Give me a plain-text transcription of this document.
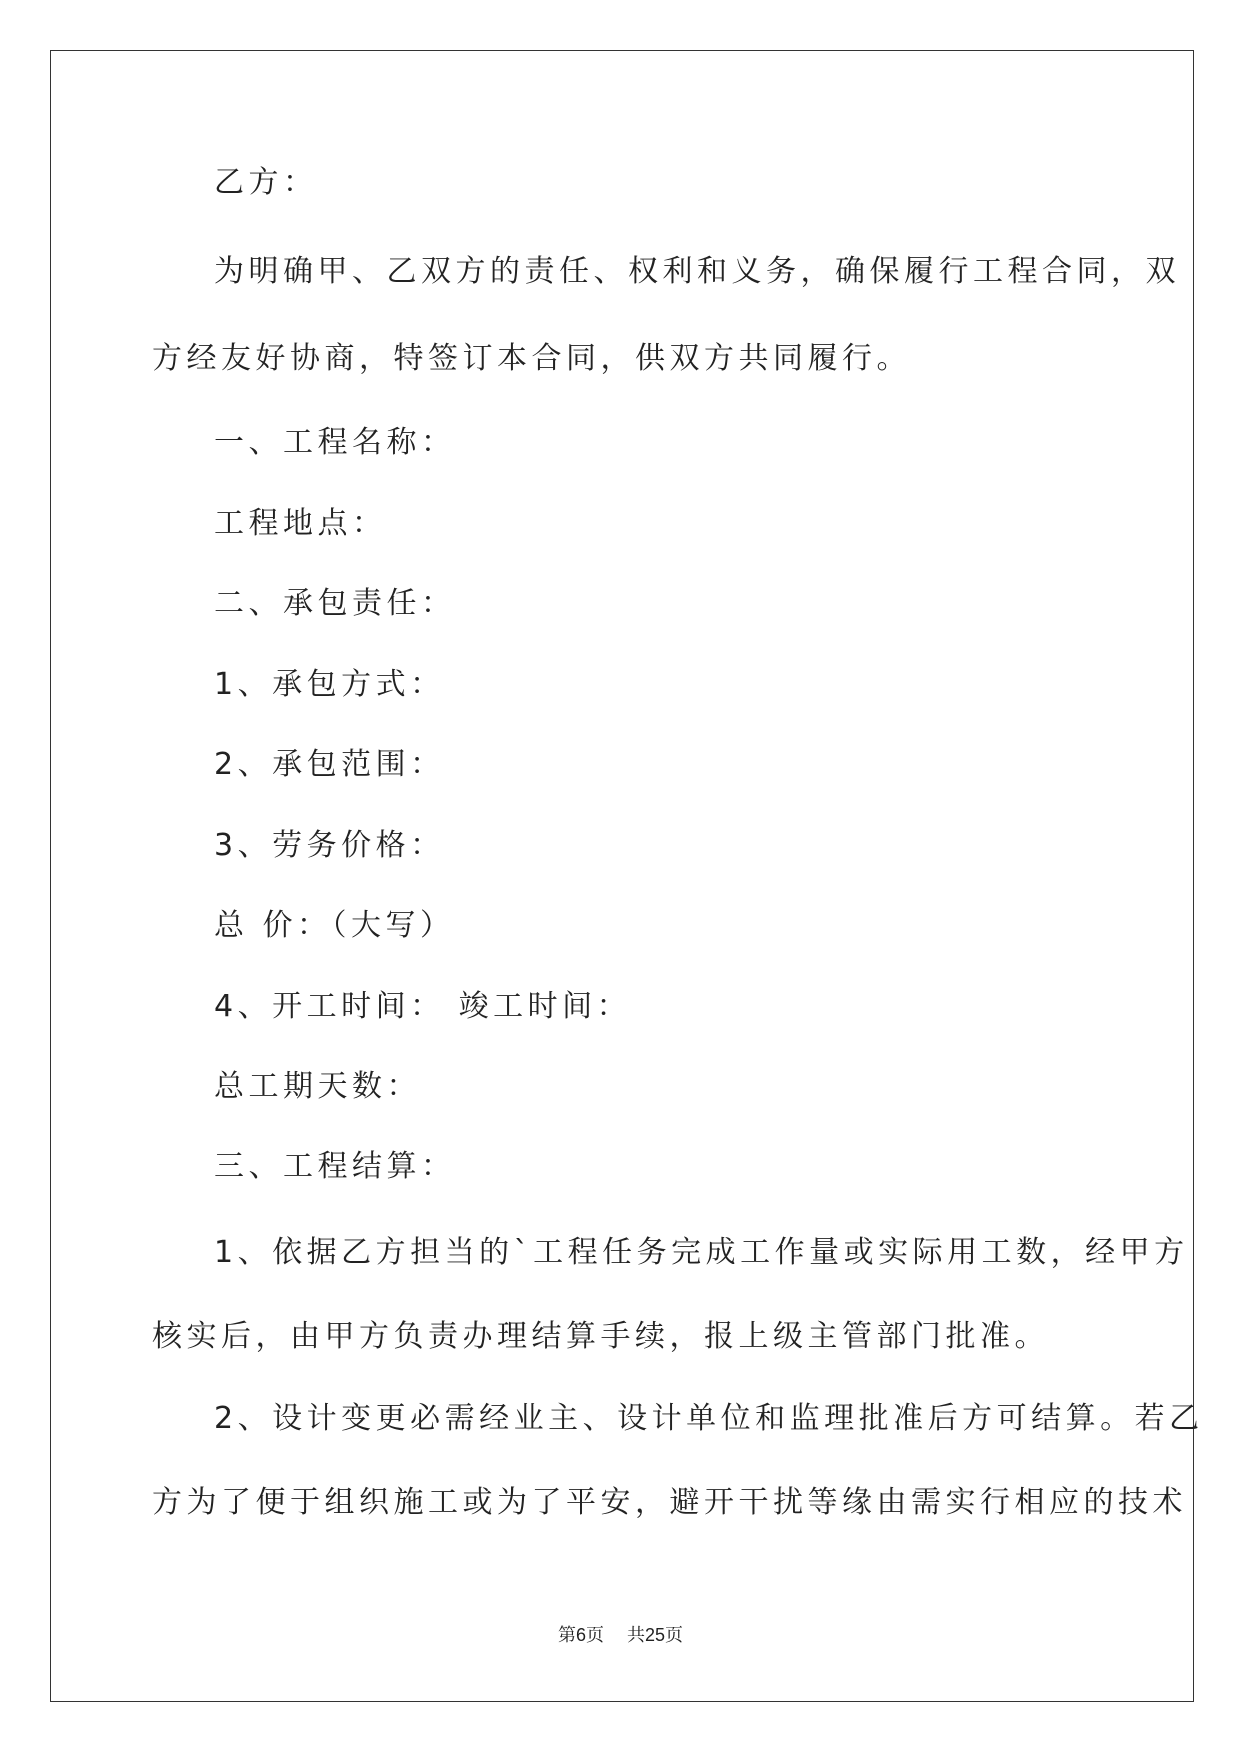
乙方：
为明确甲、乙双方的责任、权利和义务，确保履行工程合同，双
方经友好协商，特签订本合同，供双方共同履行。
一、工程名称：
工程地点：
二、承包责任：
1、承包方式：
2、承包范围：
3、劳务价格：
总 价：（大写）
4、开工时间： 竣工时间：
总工期天数：
三、工程结算：
1、依据乙方担当的`工程任务完成工作量或实际用工数，经甲方
核实后，由甲方负责办理结算手续，报上级主管部门批准。
2、设计变更必需经业主、设计单位和监理批准后方可结算。若乙
方为了便于组织施工或为了平安，避开干扰等缘由需实行相应的技术
第6页 共25页
